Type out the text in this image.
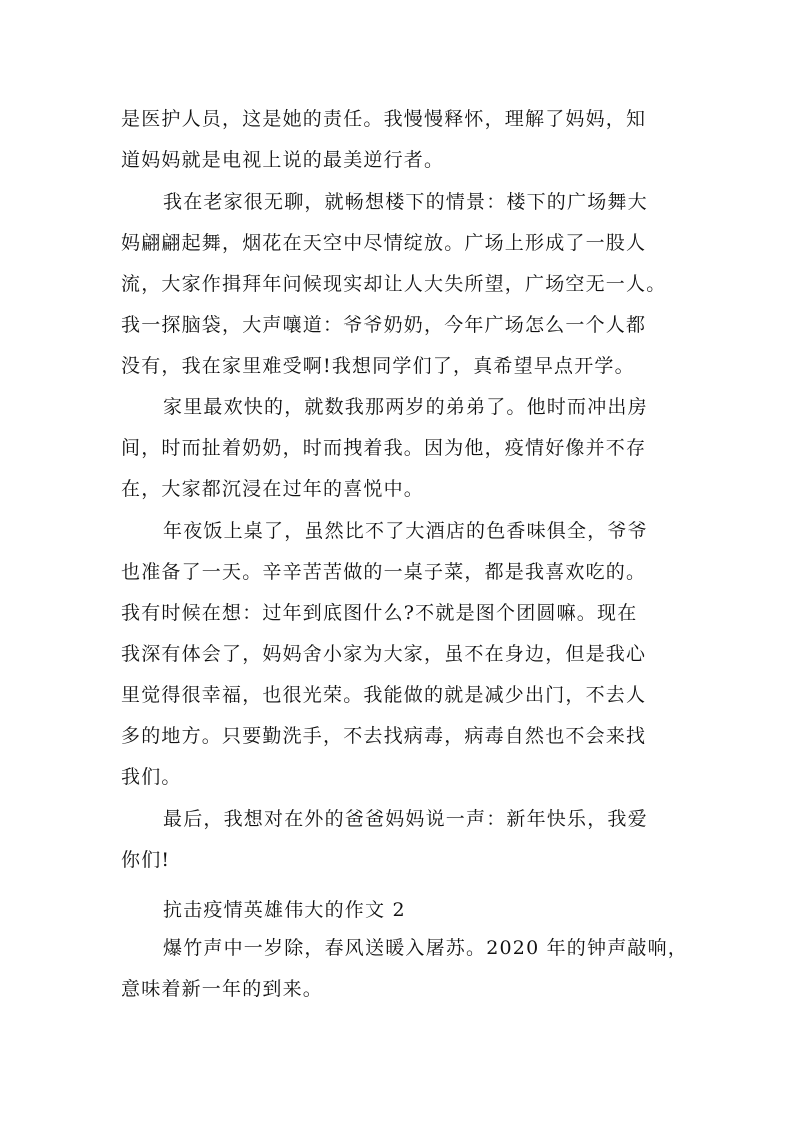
是医护人员，这是她的责任。我慢慢释怀，理解了妈妈，知
道妈妈就是电视上说的最美逆行者。
我在老家很无聊，就畅想楼下的情景：楼下的广场舞大
妈翩翩起舞，烟花在天空中尽情绽放。广场上形成了一股人
流，大家作揖拜年问候现实却让人大失所望，广场空无一人。
我一探脑袋，大声嚷道：爷爷奶奶，今年广场怎么一个人都
没有，我在家里难受啊!我想同学们了，真希望早点开学。
家里最欢快的，就数我那两岁的弟弟了。他时而冲出房
间，时而扯着奶奶，时而拽着我。因为他，疫情好像并不存
在，大家都沉浸在过年的喜悦中。
年夜饭上桌了，虽然比不了大酒店的色香味俱全，爷爷
也准备了一天。辛辛苦苦做的一桌子菜，都是我喜欢吃的。
我有时候在想：过年到底图什么?不就是图个团圆嘛。现在
我深有体会了，妈妈舍小家为大家，虽不在身边，但是我心
里觉得很幸福，也很光荣。我能做的就是减少出门，不去人
多的地方。只要勤洗手，不去找病毒，病毒自然也不会来找
我们。
最后，我想对在外的爸爸妈妈说一声：新年快乐，我爱
你们!
抗击疫情英雄伟大的作文 2
爆竹声中一岁除，春风送暖入屠苏。2020 年的钟声敲响，
意味着新一年的到来。
